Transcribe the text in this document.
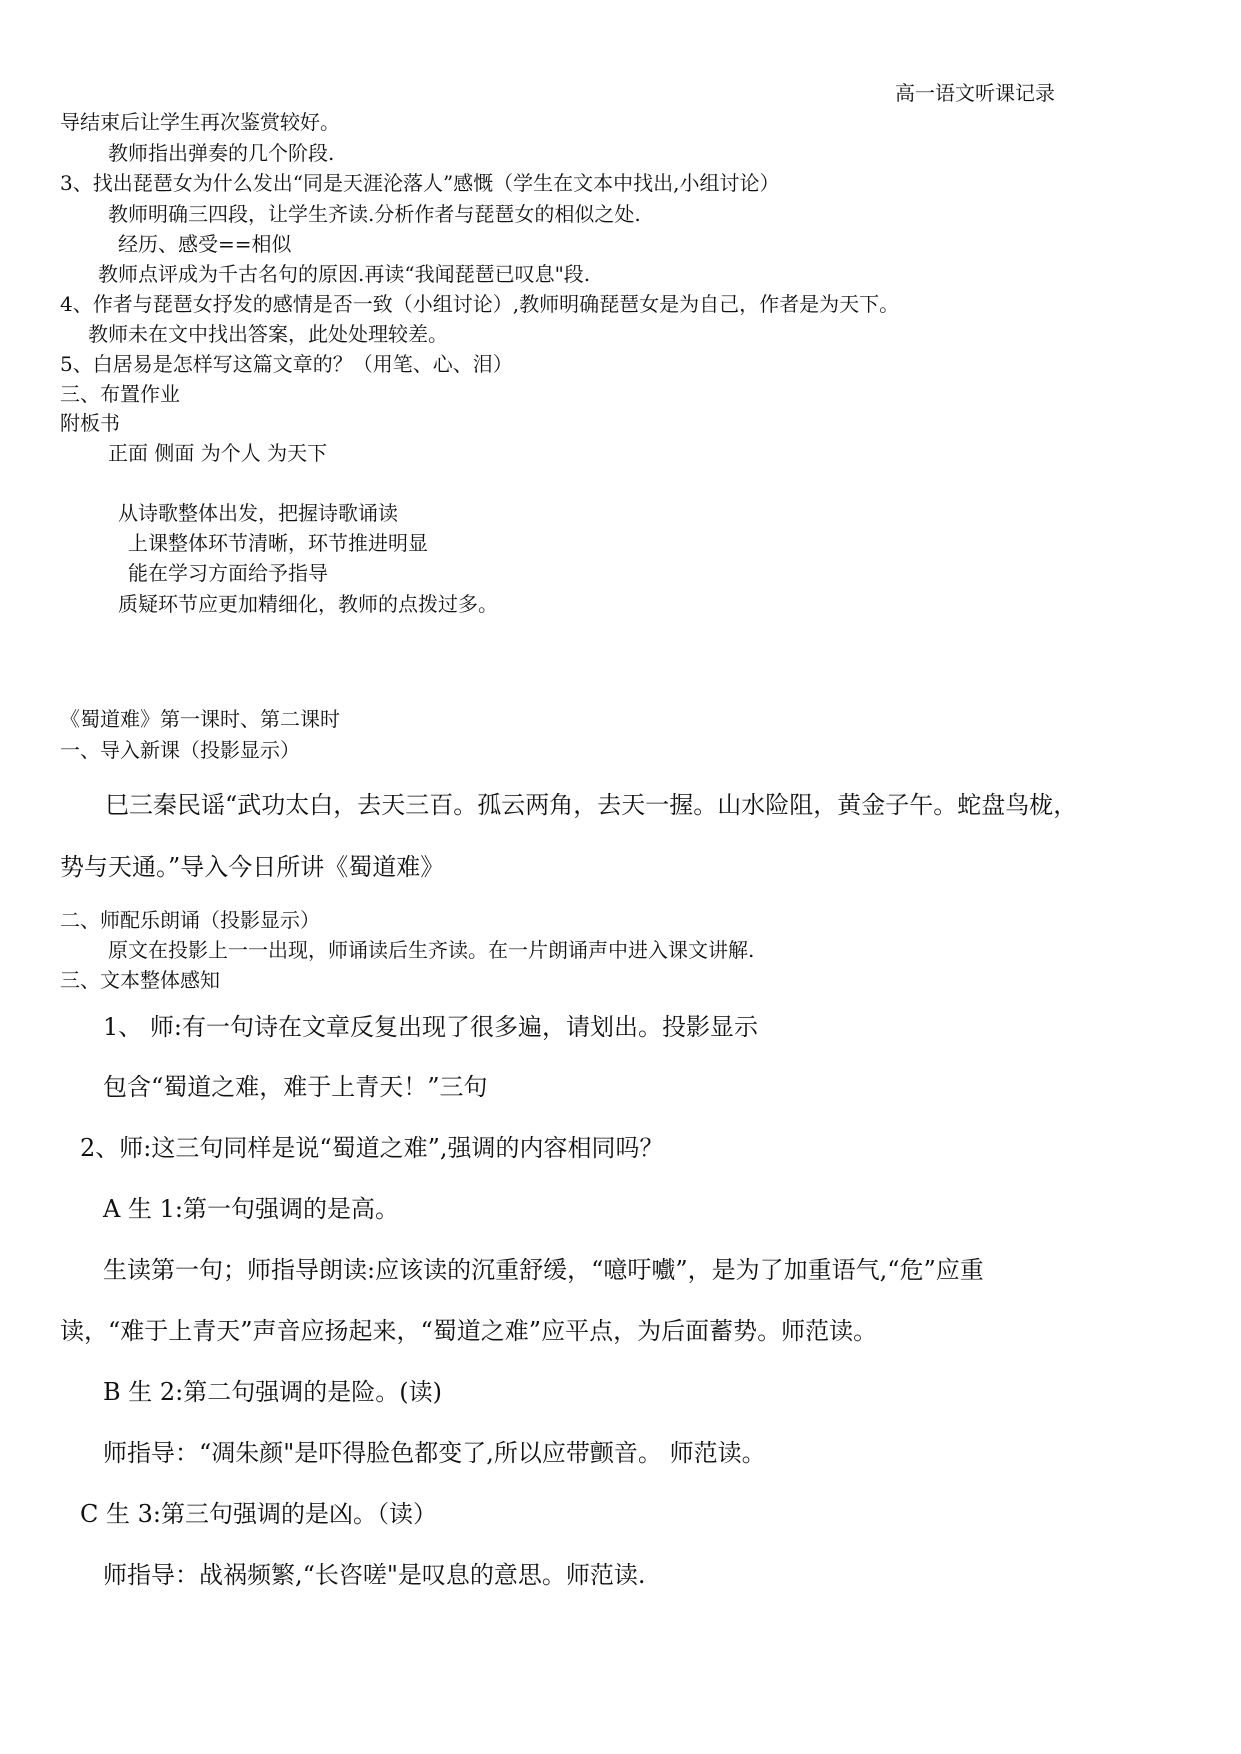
高一语文听课记录
导结束后让学生再次鉴赏较好。
教师指出弹奏的几个阶段.
3、找出琵琶女为什么发出“同是天涯沦落人”感慨（学生在文本中找出,小组讨论）
教师明确三四段，让学生齐读.分析作者与琵琶女的相似之处.
经历、感受==相似
教师点评成为千古名句的原因.再读“我闻琵琶已叹息"段.
4、作者与琵琶女抒发的感情是否一致（小组讨论）,教师明确琵琶女是为自己，作者是为天下。
教师未在文中找出答案，此处处理较差。
5、白居易是怎样写这篇文章的？（用笔、心、泪）
三、布置作业
附板书
正面 侧面 为个人 为天下
从诗歌整体出发，把握诗歌诵读
上课整体环节清晰，环节推进明显
能在学习方面给予指导
质疑环节应更加精细化，教师的点拨过多。
《蜀道难》第一课时、第二课时
一、导入新课（投影显示）
巳三秦民谣“武功太白，去天三百。孤云两角，去天一握。山水险阻，黄金子午。蛇盘鸟栊，
势与天通。”导入今日所讲《蜀道难》
二、师配乐朗诵（投影显示）
原文在投影上一一出现，师诵读后生齐读。在一片朗诵声中进入课文讲解.
三、文本整体感知
1、 师:有一句诗在文章反复出现了很多遍，请划出。投影显示
包含“蜀道之难，难于上青天！”三句
2、师:这三句同样是说“蜀道之难”,强调的内容相同吗？
A 生 1:第一句强调的是高。
生读第一句；师指导朗读:应该读的沉重舒缓，“噫吁嚱”，是为了加重语气,“危”应重
读，“难于上青天”声音应扬起来，“蜀道之难”应平点，为后面蓄势。师范读。
B 生 2:第二句强调的是险。(读)
师指导：“凋朱颜"是吓得脸色都变了,所以应带颤音。 师范读。
C 生 3:第三句强调的是凶。（读）
师指导：战祸频繁,“长咨嗟"是叹息的意思。师范读.
